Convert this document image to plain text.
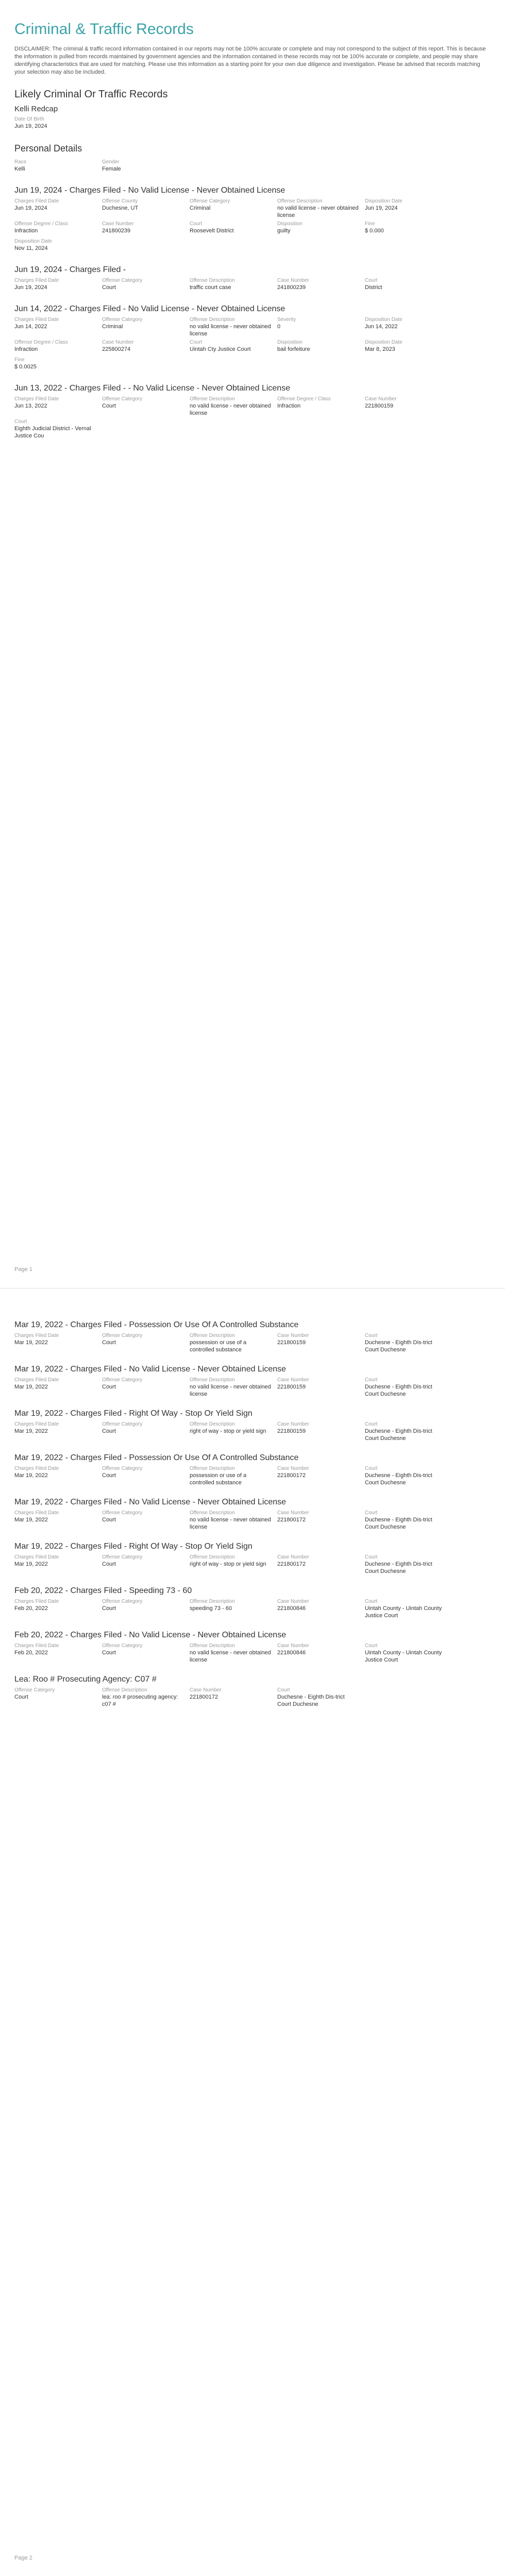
Criminal & Traffic Records

DISCLAIMER: The criminal & traffic record information contained in our reports may not be 100% accurate or complete and may not correspond to the subject of this report. This is because the information is pulled from records maintained by government agencies and the information contained in these records may not be 100% accurate or complete, and people may share identifying characteristics that are used for matching. Please use this information as a starting point for your own due diligence and investigation. Please be advised that records matching your selection may also be included.

Likely Criminal Or Traffic Records
Kelli Redcap
Date Of Birth
Jun 19, 2024
Personal Details
Race
Kelli
Gender
Female
Jun 19, 2024 - Charges Filed - No Valid License - Never Obtained License
Charges Filed Date
Jun 19, 2024
Offense County
Duchesne, UT
Offense Category
Criminal
Offense Description
no valid license - never obtained license
Disposition Date
Jun 19, 2024
Offense Degree / Class
Infraction
Case Number
241800239
Court
Roosevelt District
Disposition
guilty
Fine
$ 0.000
Disposition Date
Nov 11, 2024
Jun 19, 2024 - Charges Filed -
Charges Filed Date
Jun 19, 2024
Offense Category
Court
Offense Description
traffic court case
Case Number
241800239
Court
District
Jun 14, 2022 - Charges Filed - No Valid License - Never Obtained License
Charges Filed Date
Jun 14, 2022
Offense Category
Criminal
Offense Description
no valid license - never obtained license
Severity
0
Disposition Date
Jun 14, 2022
Offense Degree / Class
Infraction
Case Number
225800274
Court
Uintah Cty Justice Court
Disposition
bail forfeiture
Disposition Date
Mar 8, 2023
Fine
$ 0.0025
Jun 13, 2022 - Charges Filed - - No Valid License - Never Obtained License
Charges Filed Date
Jun 13, 2022
Offense Category
Court
Offense Description
no valid license - never obtained license
Offense Degree / Class
Infraction
Case Number
221800159
Court
Eighth Judicial District - Vernal Justice Cou
Page 1
Mar 19, 2022 - Charges Filed - Possession Or Use Of A Controlled Substance
Charges Filed Date
Mar 19, 2022
Offense Category
Court
Offense Description
possession or use of a controlled substance
Case Number
221800159
Court
Duchesne - Eighth Dis-trict Court Duchesne
Mar 19, 2022 - Charges Filed - No Valid License - Never Obtained License
Charges Filed Date
Mar 19, 2022
Offense Category
Court
Offense Description
no valid license - never obtained license
Case Number
221800159
Court
Duchesne - Eighth Dis-trict Court Duchesne
Mar 19, 2022 - Charges Filed - Right Of Way - Stop Or Yield Sign
Charges Filed Date
Mar 19, 2022
Offense Category
Court
Offense Description
right of way - stop or yield sign
Case Number
221800159
Court
Duchesne - Eighth Dis-trict Court Duchesne
Mar 19, 2022 - Charges Filed - Possession Or Use Of A Controlled Substance
Charges Filed Date
Mar 19, 2022
Offense Category
Court
Offense Description
possession or use of a controlled substance
Case Number
221800172
Court
Duchesne - Eighth Dis-trict Court Duchesne
Mar 19, 2022 - Charges Filed - No Valid License - Never Obtained License
Charges Filed Date
Mar 19, 2022
Offense Category
Court
Offense Description
no valid license - never obtained license
Case Number
221800172
Court
Duchesne - Eighth Dis-trict Court Duchesne
Mar 19, 2022 - Charges Filed - Right Of Way - Stop Or Yield Sign
Charges Filed Date
Mar 19, 2022
Offense Category
Court
Offense Description
right of way - stop or yield sign
Case Number
221800172
Court
Duchesne - Eighth Dis-trict Court Duchesne
Feb 20, 2022 - Charges Filed - Speeding 73 - 60
Charges Filed Date
Feb 20, 2022
Offense Category
Court
Offense Description
speeding 73 - 60
Case Number
221800846
Court
Uintah County - Uintah County Justice Court
Feb 20, 2022 - Charges Filed - No Valid License - Never Obtained License
Charges Filed Date
Feb 20, 2022
Offense Category
Court
Offense Description
no valid license - never obtained license
Case Number
221800846
Court
Uintah County - Uintah County Justice Court
Lea: Roo # Prosecuting Agency: C07 #
Offense Category
Court
Offense Description
lea: roo # prosecuting agency: c07 #
Case Number
221800172
Court
Duchesne - Eighth Dis-trict Court Duchesne
Page 2
